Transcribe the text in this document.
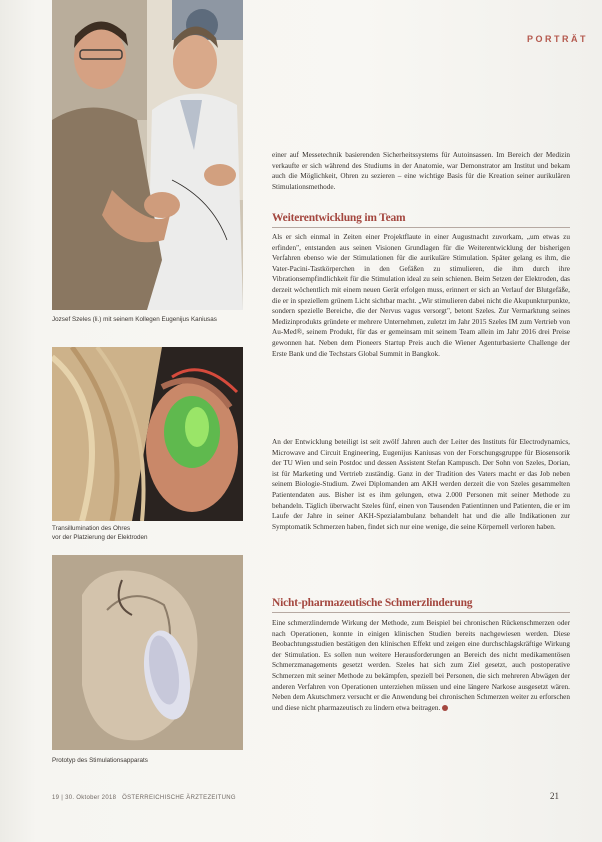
PORTRÄT
Jozsef Szeles (li.) mit seinem Kollegen Eugenijus Kaniusas
Transillumination des Ohres
vor der Platzierung der Elektroden
Prototyp des Stimulationsapparats

einer auf Messetechnik basierenden Sicherheitssystems für Autoinsassen. Im Bereich der Medizin verkaufte er sich während des Studiums in der Anatomie, war Demonstrator am Institut und bekam auch die Möglichkeit, Ohren zu sezieren – eine wichtige Basis für die Kreation seiner aurikulären Stimulationsmethode.

Weiterentwicklung im Team

Als er sich einmal in Zeiten einer Projektflaute in einer Augustnacht zuvorkam, „um etwas zu erfinden", entstanden aus seinen Visionen Grundlagen für die Weiterentwicklung der bisherigen Verfahren ebenso wie der Stimulationen für die aurikuläre Stimulation. Später gelang es ihm, die Vater-Pacini-Tastkörperchen in den Gefäßen zu stimulieren, die ihm durch ihre Vibrationsempfindlichkeit für die Stimulation ideal zu sein schienen. Beim Setzen der Elektroden, das derzeit wöchentlich mit einem neuen Gerät erfolgen muss, erinnert er sich an Verlauf der Blutgefäße, die er in speziellem grünem Licht sichtbar macht. „Wir stimulieren dabei nicht die Akupunkturpunkte, sondern spezielle Bereiche, die der Nervus vagus versorgt", betont Szeles. Zur Vermarktung seines Medizinprodukts gründete er mehrere Unternehmen, zuletzt im Jahr 2015 Szeles IM zum Vertrieb von Au-Med®, seinem Produkt, für das er gemeinsam mit seinem Team allein im Jahr 2016 drei Preise gewonnen hat. Neben dem Pioneers Startup Preis auch die Wiener Agenturbasierte Challenge der Erste Bank und die Techstars Global Summit in Bangkok.

An der Entwicklung beteiligt ist seit zwölf Jahren auch der Leiter des Instituts für Electrodynamics, Microwave and Circuit Engineering, Eugenijus Kaniusas von der Forschungsgruppe für Biosensorik der TU Wien und sein Postdoc und dessen Assistent Stefan Kampusch. Der Sohn von Szeles, Dorian, ist für Marketing und Vertrieb zuständig. Ganz in der Tradition des Vaters macht er das Job neben seinem Biologie-Studium. Zwei Diplomanden am AKH werden derzeit die von Szeles gesammelten Patientendaten aus. Bisher ist es ihm gelungen, etwa 2.000 Personen mit seiner Methode zu behandeln. Täglich überwacht Szeles fünf, einen von Tausenden Patientinnen und Patienten, die er im Laufe der Jahre in seiner AKH-Spezialambulanz behandelt hat und die alle Indikationen zur Symptomatik Schmerzen haben, findet sich nur eine wenige, die seine Körpernell verloren haben.

Nicht-pharmazeutische Schmerzlinderung

Eine schmerzlindernde Wirkung der Methode, zum Beispiel bei chronischen Rückenschmerzen oder nach Operationen, konnte in einigen klinischen Studien bereits nachgewiesen werden. Diese Beobachtungsstudien bestätigen den klinischen Effekt und zeigen eine durchschlagskräftige Wirkung der Stimulation. Es sollen nun weitere Herausforderungen an Bereich des nicht medikamentösen Schmerzmanagements gesetzt werden. Szeles hat sich zum Ziel gesetzt, auch postoperative Schmerzen mit seiner Methode zu bekämpfen, speziell bei Personen, die sich mehreren Abwägen der anderen Verfahren von Operationen unterziehen müssen und eine längere Narkose ausgesetzt wären. Neben dem Akutschmerz versucht er die Anwendung bei chronischen Schmerzen weiter zu erforschen und diese nicht pharmazeutisch zu lindern etwa beitragen.

19 | 30. Oktober 2018 ÖSTERREICHISCHE ÄRZTEZEITUNG	21
